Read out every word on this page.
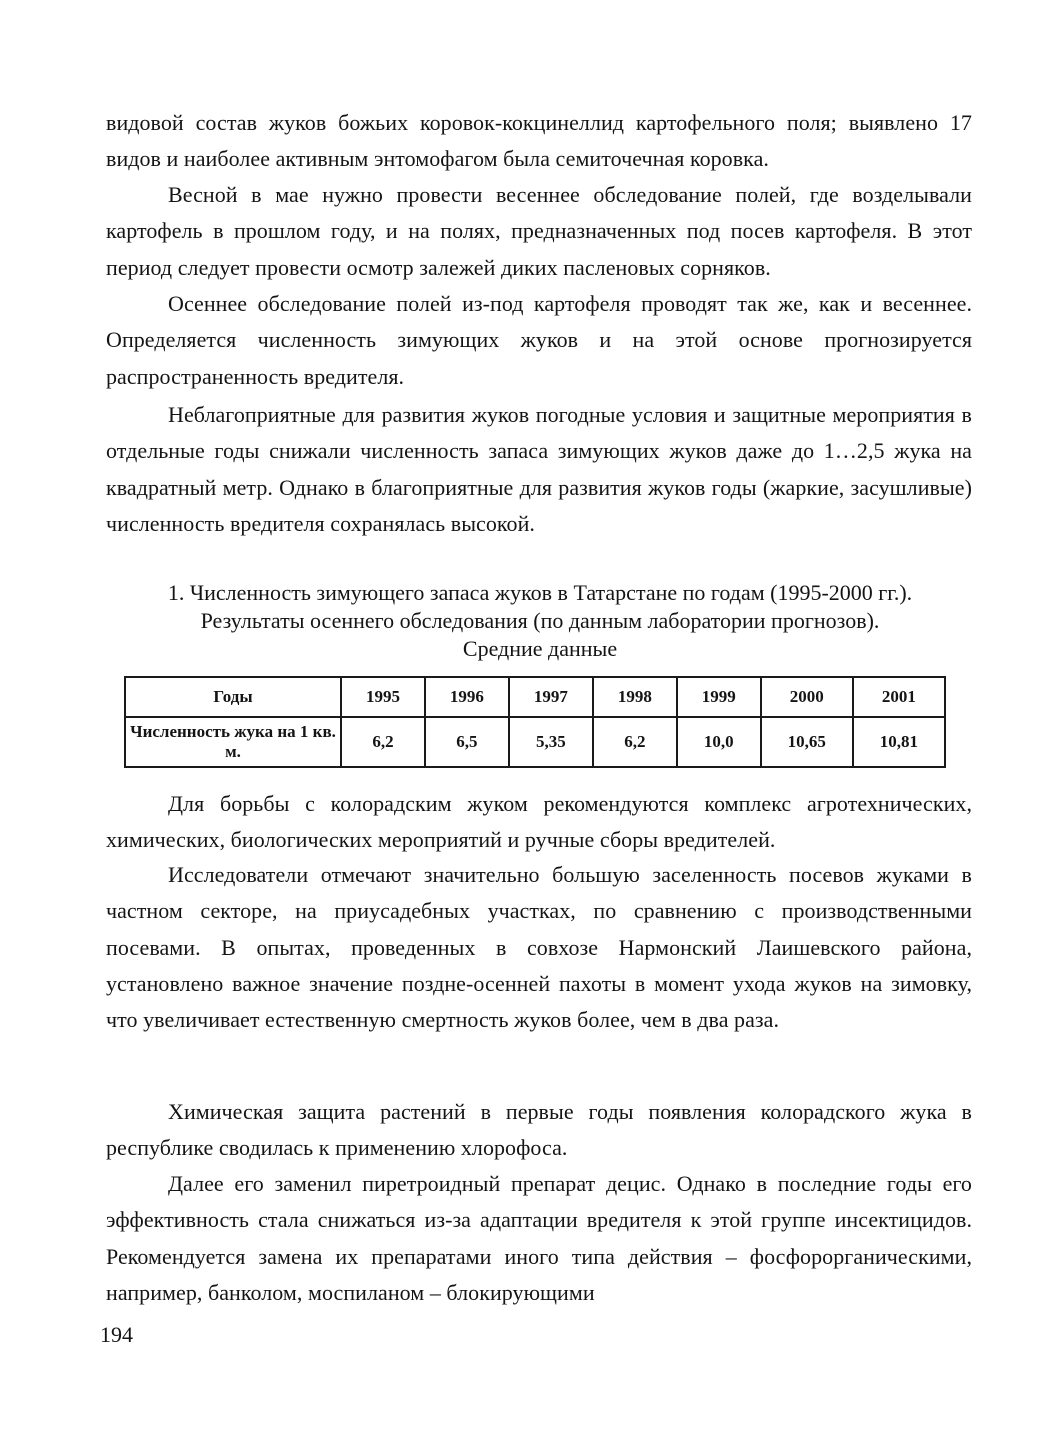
видовой состав жуков божьих коровок-кокцинеллид картофельного поля; выявлено 17 видов и наиболее активным энтомофагом была семиточечная коровка.

Весной в мае нужно провести весеннее обследование полей, где возделывали картофель в прошлом году, и на полях, предназначенных под посев картофеля. В этот период следует провести осмотр залежей диких пасленовых сорняков.

Осеннее обследование полей из-под картофеля проводят так же, как и весеннее. Определяется численность зимующих жуков и на этой основе прогнозируется распространенность вредителя.

Неблагоприятные для развития жуков погодные условия и защитные мероприятия в отдельные годы снижали численность запаса зимующих жуков даже до 1…2,5 жука на квадратный метр. Однако в благоприятные для развития жуков годы (жаркие, засушливые) численность вредителя сохранялась высокой.

1. Численность зимующего запаса жуков в Татарстане по годам (1995-2000 гг.).

Результаты осеннего обследования (по данным лаборатории прогнозов).

Средние данные

Годы	1995	1996	1997	1998	1999	2000	2001
Численность жука на 1 кв. м.	6,2	6,5	5,35	6,2	10,0	10,65	10,81

Для борьбы с колорадским жуком рекомендуются комплекс агротехнических, химических, биологических мероприятий и ручные сборы вредителей.

Исследователи отмечают значительно большую заселенность посевов жуками в частном секторе, на приусадебных участках, по сравнению с производственными посевами. В опытах, проведенных в совхозе Нармонский Лаишевского района, установлено важное значение поздне-осенней пахоты в момент ухода жуков на зимовку, что увеличивает естественную смертность жуков более, чем в два раза.

Химическая защита растений в первые годы появления колорадского жука в республике сводилась к применению хлорофоса.

Далее его заменил пиретроидный препарат децис. Однако в последние годы его эффективность стала снижаться из-за адаптации вредителя к этой группе инсектицидов. Рекомендуется замена их препаратами иного типа действия – фосфорорганическими, например, банколом, моспиланом – блокирующими

194
